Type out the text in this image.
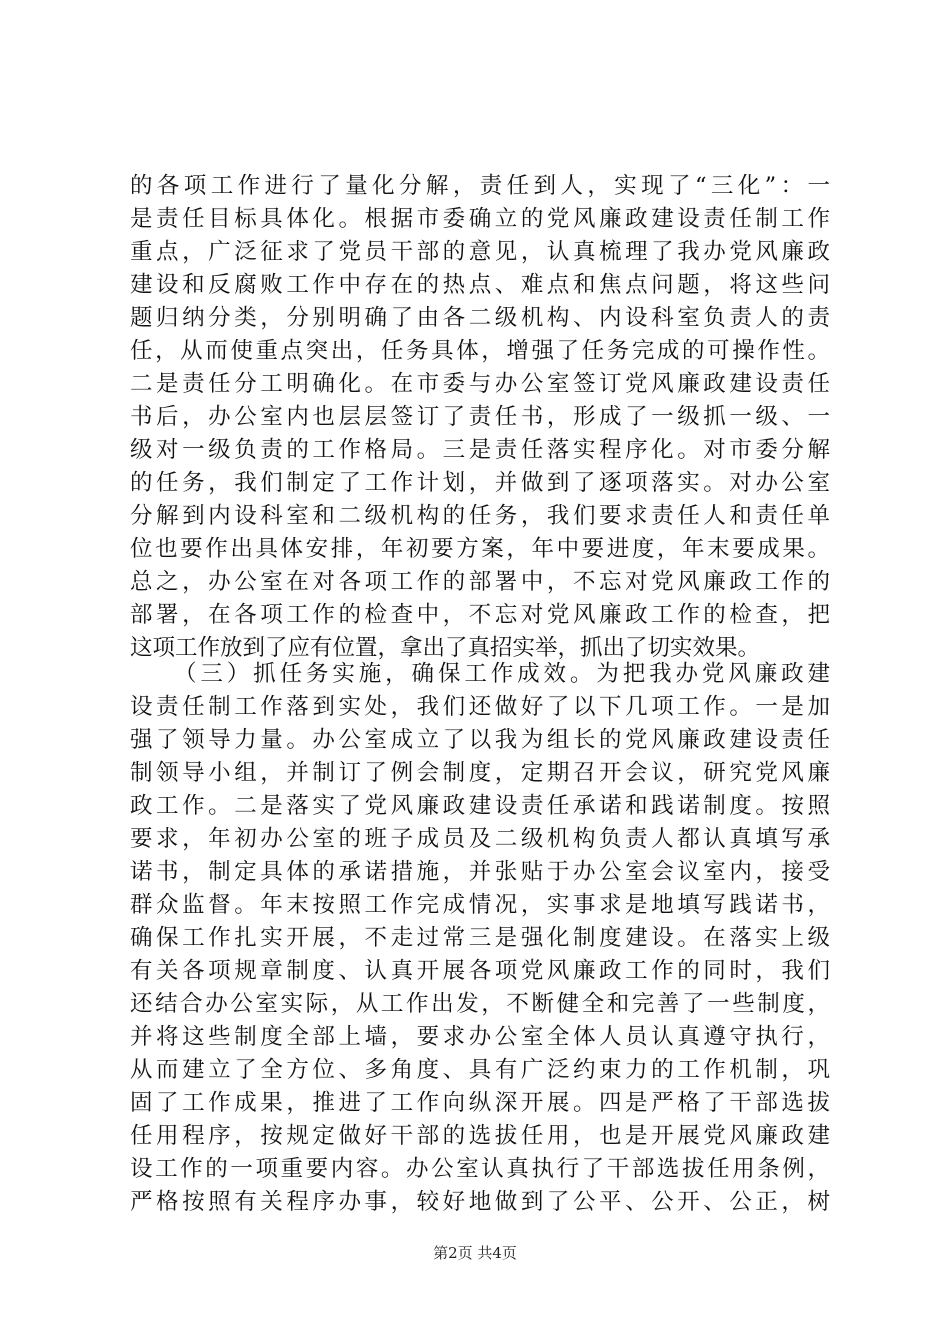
的各项工作进行了量化分解，责任到人，实现了“三化”：一
是责任目标具体化。根据市委确立的党风廉政建设责任制工作
重点，广泛征求了党员干部的意见，认真梳理了我办党风廉政
建设和反腐败工作中存在的热点、难点和焦点问题，将这些问
题归纳分类，分别明确了由各二级机构、内设科室负责人的责
任，从而使重点突出，任务具体，增强了任务完成的可操作性。
二是责任分工明确化。在市委与办公室签订党风廉政建设责任
书后，办公室内也层层签订了责任书，形成了一级抓一级、一
级对一级负责的工作格局。三是责任落实程序化。对市委分解
的任务，我们制定了工作计划，并做到了逐项落实。对办公室
分解到内设科室和二级机构的任务，我们要求责任人和责任单
位也要作出具体安排，年初要方案，年中要进度，年末要成果。
总之，办公室在对各项工作的部署中，不忘对党风廉政工作的
部署，在各项工作的检查中，不忘对党风廉政工作的检查，把
这项工作放到了应有位置，拿出了真招实举，抓出了切实效果。
（三）抓任务实施，确保工作成效。为把我办党风廉政建
设责任制工作落到实处，我们还做好了以下几项工作。一是加
强了领导力量。办公室成立了以我为组长的党风廉政建设责任
制领导小组，并制订了例会制度，定期召开会议，研究党风廉
政工作。二是落实了党风廉政建设责任承诺和践诺制度。按照
要求，年初办公室的班子成员及二级机构负责人都认真填写承
诺书，制定具体的承诺措施，并张贴于办公室会议室内，接受
群众监督。年末按照工作完成情况，实事求是地填写践诺书，
确保工作扎实开展，不走过常三是强化制度建设。在落实上级
有关各项规章制度、认真开展各项党风廉政工作的同时，我们
还结合办公室实际，从工作出发，不断健全和完善了一些制度，
并将这些制度全部上墙，要求办公室全体人员认真遵守执行，
从而建立了全方位、多角度、具有广泛约束力的工作机制，巩
固了工作成果，推进了工作向纵深开展。四是严格了干部选拔
任用程序，按规定做好干部的选拔任用，也是开展党风廉政建
设工作的一项重要内容。办公室认真执行了干部选拔任用条例，
严格按照有关程序办事，较好地做到了公平、公开、公正，树
第2页 共4页
